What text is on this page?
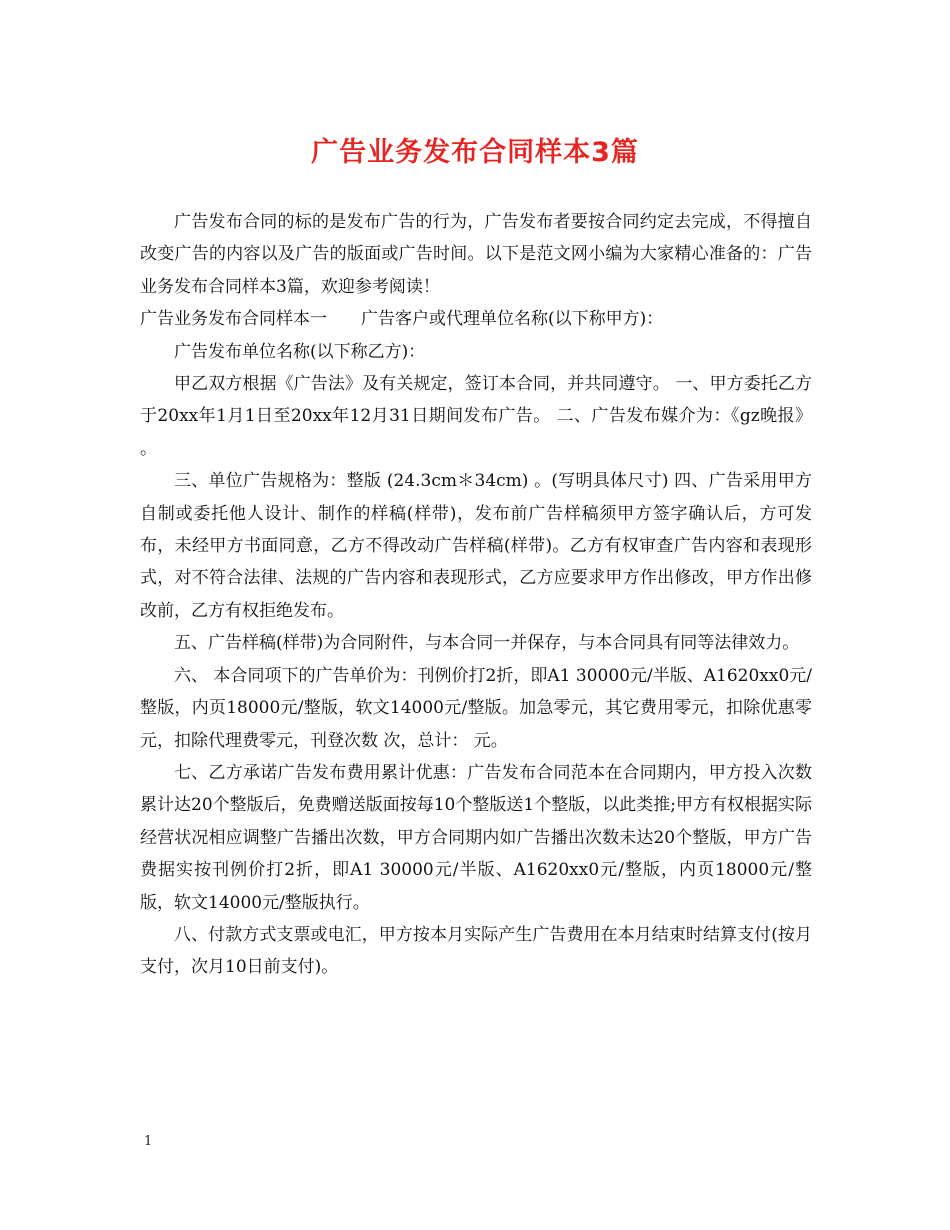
广告业务发布合同样本3篇

广告发布合同的标的是发布广告的行为，广告发布者要按合同约定去完成，不得擅自改变广告的内容以及广告的版面或广告时间。以下是范文网小编为大家精心准备的：广告业务发布合同样本3篇，欢迎参考阅读！

广告业务发布合同样本一　　广告客户或代理单位名称(以下称甲方)：

广告发布单位名称(以下称乙方)：

甲乙双方根据《广告法》及有关规定，签订本合同，并共同遵守。 一、甲方委托乙方于20xx年1月1日至20xx年12月31日期间发布广告。 二、广告发布媒介为：《gz晚报》 。

三、单位广告规格为：整版 (24.3cm＊34cm) 。(写明具体尺寸) 四、广告采用甲方自制或委托他人设计、制作的样稿(样带)，发布前广告样稿须甲方签字确认后，方可发布，未经甲方书面同意，乙方不得改动广告样稿(样带)。乙方有权审查广告内容和表现形式，对不符合法律、法规的广告内容和表现形式，乙方应要求甲方作出修改，甲方作出修改前，乙方有权拒绝发布。

五、广告样稿(样带)为合同附件，与本合同一并保存，与本合同具有同等法律效力。

六、 本合同项下的广告单价为：刊例价打2折，即A1 30000元/半版、A1620xx0元/整版，内页18000元/整版，软文14000元/整版。加急零元，其它费用零元，扣除优惠零元，扣除代理费零元，刊登次数 次，总计： 元。

七、乙方承诺广告发布费用累计优惠：广告发布合同范本在合同期内，甲方投入次数累计达20个整版后，免费赠送版面按每10个整版送1个整版，以此类推;甲方有权根据实际经营状况相应调整广告播出次数，甲方合同期内如广告播出次数未达20个整版，甲方广告费据实按刊例价打2折，即A1 30000元/半版、A1620xx0元/整版，内页18000元/整版，软文14000元/整版执行。

八、付款方式支票或电汇，甲方按本月实际产生广告费用在本月结束时结算支付(按月支付，次月10日前支付)。

1
